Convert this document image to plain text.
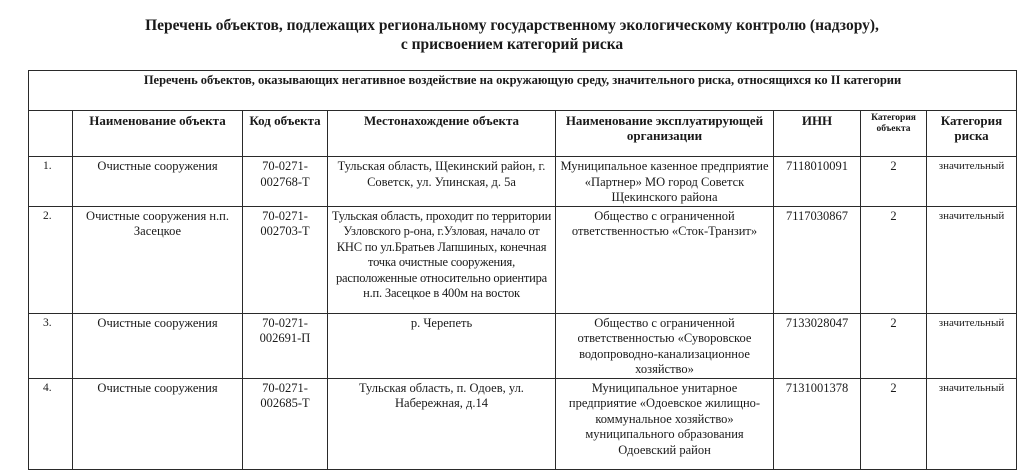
Перечень объектов, подлежащих региональному государственному экологическому контролю (надзору),
с присвоением категорий риска
Перечень объектов, оказывающих негативное воздействие на окружающую среду, значительного риска, относящихся ко II категории							
	Наименование объекта	Код объекта	Местонахождение объекта	Наименование эксплуатирующей организации	ИНН	Категория объекта	Категория риска
1.	Очистные сооружения	70-0271-002768-Т	Тульская область, Щекинский район, г. Советск, ул. Упинская, д. 5а	Муниципальное казенное предприятие «Партнер» МО город Советск Щекинского района	7118010091	2	значительный
2.	Очистные сооружения н.п. Засецкое	70-0271-002703-Т	Тульская область, проходит по территории Узловского р-она, г.Узловая, начало от КНС по ул.Братьев Лапшиных, конечная точка очистные сооружения, расположенные относительно ориентира н.п. Засецкое в 400м на восток	Общество с ограниченной ответственностью «Сток-Транзит»	7117030867	2	значительный
3.	Очистные сооружения	70-0271-002691-П	р. Черепеть	Общество с ограниченной ответственностью «Суворовское водопроводно-канализационное хозяйство»	7133028047	2	значительный
4.	Очистные сооружения	70-0271-002685-Т	Тульская область, п. Одоев, ул. Набережная, д.14	Муниципальное унитарное предприятие «Одоевское жилищно-коммунальное хозяйство» муниципального образования Одоевский район	7131001378	2	значительный
